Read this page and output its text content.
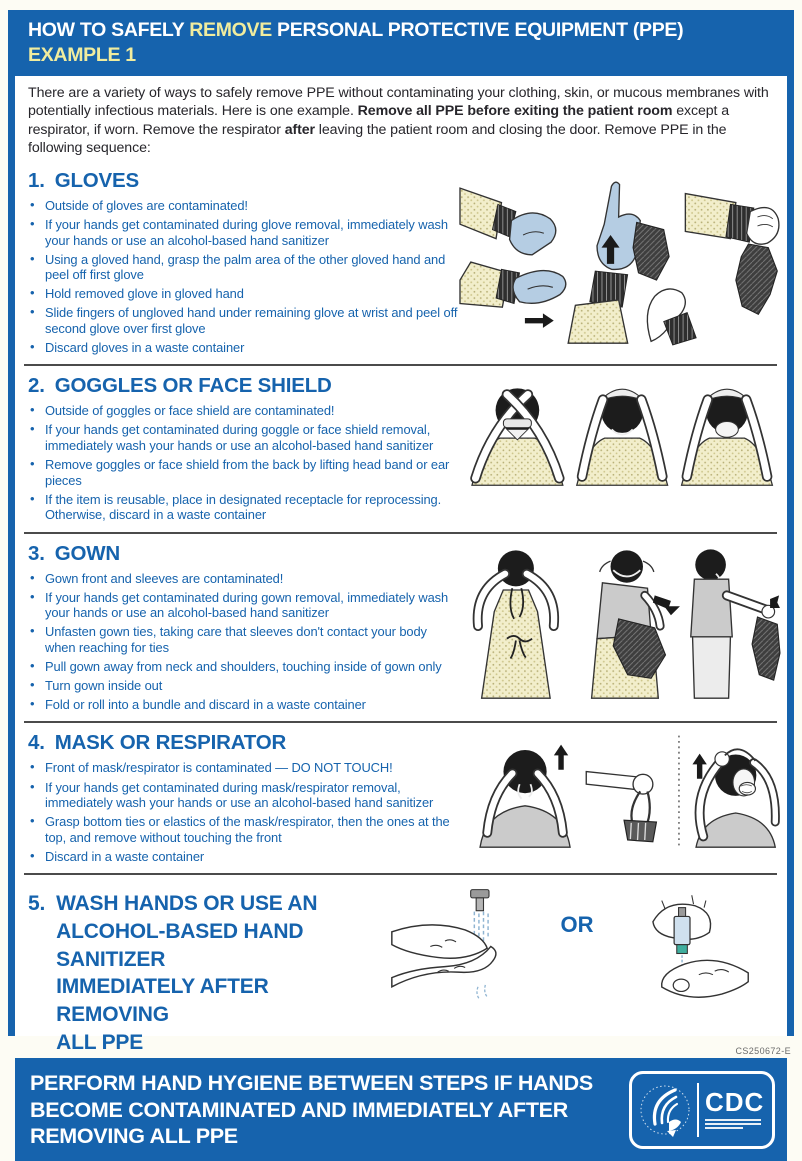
HOW TO SAFELY REMOVE PERSONAL PROTECTIVE EQUIPMENT (PPE)
EXAMPLE 1
There are a variety of ways to safely remove PPE without contaminating your clothing, skin, or mucous membranes with potentially infectious materials. Here is one example. Remove all PPE before exiting the patient room except a respirator, if worn. Remove the respirator after leaving the patient room and closing the door. Remove PPE in the following sequence:
1. GLOVES
• Outside of gloves are contaminated!
• If your hands get contaminated during glove removal, immediately wash your hands or use an alcohol-based hand sanitizer
• Using a gloved hand, grasp the palm area of the other gloved hand and peel off first glove
• Hold removed glove in gloved hand
• Slide fingers of ungloved hand under remaining glove at wrist and peel off second glove over first glove
• Discard gloves in a waste container
2. GOGGLES OR FACE SHIELD
• Outside of goggles or face shield are contaminated!
• If your hands get contaminated during goggle or face shield removal, immediately wash your hands or use an alcohol-based hand sanitizer
• Remove goggles or face shield from the back by lifting head band or ear pieces
• If the item is reusable, place in designated receptacle for reprocessing. Otherwise, discard in a waste container
3. GOWN
• Gown front and sleeves are contaminated!
• If your hands get contaminated during gown removal, immediately wash your hands or use an alcohol-based hand sanitizer
• Unfasten gown ties, taking care that sleeves don't contact your body when reaching for ties
• Pull gown away from neck and shoulders, touching inside of gown only
• Turn gown inside out
• Fold or roll into a bundle and discard in a waste container
4. MASK OR RESPIRATOR
• Front of mask/respirator is contaminated — DO NOT TOUCH!
• If your hands get contaminated during mask/respirator removal, immediately wash your hands or use an alcohol-based hand sanitizer
• Grasp bottom ties or elastics of the mask/respirator, then the ones at the top, and remove without touching the front
• Discard in a waste container
5. WASH HANDS OR USE AN
ALCOHOL-BASED HAND SANITIZER
IMMEDIATELY AFTER REMOVING
ALL PPE
OR
PERFORM HAND HYGIENE BETWEEN STEPS IF HANDS
BECOME CONTAMINATED AND IMMEDIATELY AFTER
REMOVING ALL PPE
CDC
CS250672-E
